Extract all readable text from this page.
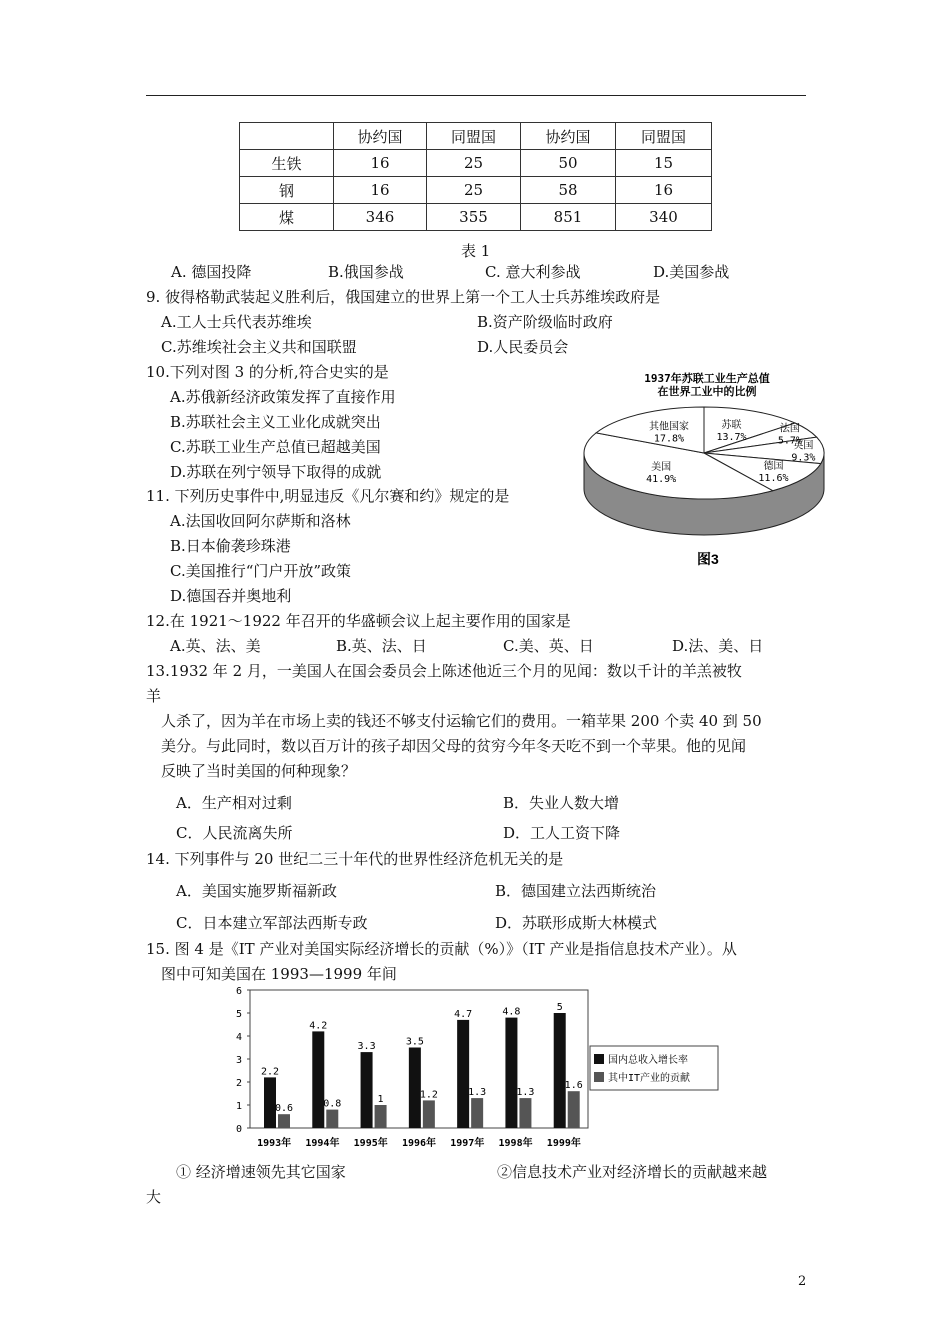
	协约国	同盟国	协约国	同盟国
生铁	16	25	50	15
钢	16	25	58	16
煤	346	355	851	340
表 1
A. 德国投降	B.俄国参战	C. 意大利参战	D.美国参战
9. 彼得格勒武装起义胜利后，俄国建立的世界上第一个工人士兵苏维埃政府是
A.工人士兵代表苏维埃	B.资产阶级临时政府
C.苏维埃社会主义共和国联盟	D.人民委员会
10.下列对图 3 的分析,符合史实的是
A.苏俄新经济政策发挥了直接作用
B.苏联社会主义工业化成就突出
C.苏联工业生产总值已超越美国
D.苏联在列宁领导下取得的成就
11. 下列历史事件中,明显违反《凡尔赛和约》规定的是
A.法国收回阿尔萨斯和洛林
B.日本偷袭珍珠港
C.美国推行“门户开放”政策
D.德国吞并奥地利
苏联
13.7%
法国
5.7%
英国
9.3%
德国
11.6%
美国
41.9%
其他国家
17.8%
1937年苏联工业生产总值
在世界工业中的比例
图3
12.在 1921～1922 年召开的华盛顿会议上起主要作用的国家是
A.英、法、美	B.英、法、日	C.美、英、日	D.法、美、日
13.1932 年 2 月，一美国人在国会委员会上陈述他近三个月的见闻：数以千计的羊羔被牧
羊
人杀了，因为羊在市场上卖的钱还不够支付运输它们的费用。一箱苹果 200 个卖 40 到 50
美分。与此同时，数以百万计的孩子却因父母的贫穷今年冬天吃不到一个苹果。他的见闻
反映了当时美国的何种现象？
A．生产相对过剩	B．失业人数大增
C．人民流离失所	D．工人工资下降
14. 下列事件与 20 世纪二三十年代的世界性经济危机无关的是
A．美国实施罗斯福新政	B．德国建立法西斯统治
C．日本建立军部法西斯专政	D．苏联形成斯大林模式
15. 图 4 是《IT 产业对美国实际经济增长的贡献（%）》（IT 产业是指信息技术产业）。从
图中可知美国在 1993—1999 年间
0
1
2
3
4
5
6
2.2
0.6
1993年
4.2
0.8
1994年
3.3
1
1995年
3.5
1.2
1996年
4.7
1.3
1997年
4.8
1.3
1998年
5
1.6
1999年
国内总收入增长率
其中IT产业的贡献
① 经济增速领先其它国家	②信息技术产业对经济增长的贡献越来越
大
2
